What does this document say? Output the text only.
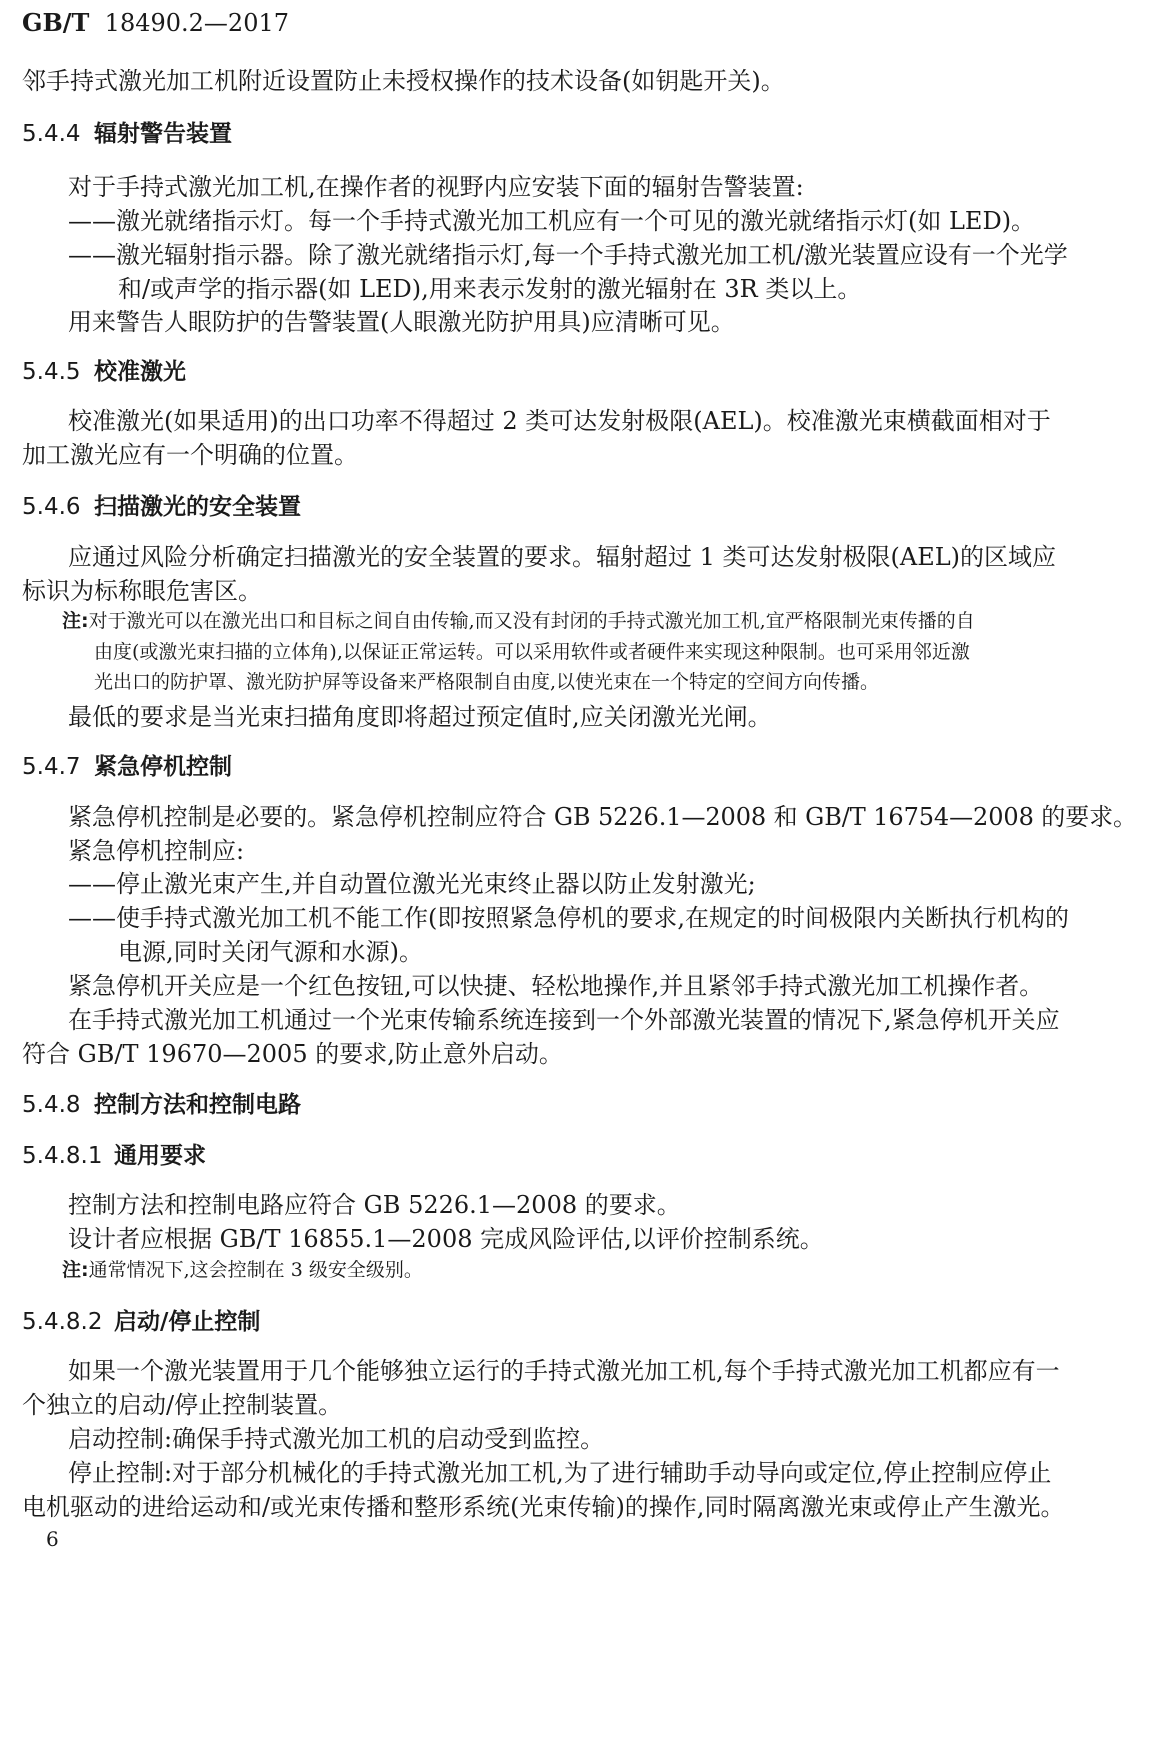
GB/T 18490.2—2017
邻手持式激光加工机附近设置防止未授权操作的技术设备(如钥匙开关)。
5.4.4 辐射警告装置
对于手持式激光加工机,在操作者的视野内应安装下面的辐射告警装置:
——激光就绪指示灯。每一个手持式激光加工机应有一个可见的激光就绪指示灯(如 LED)。
——激光辐射指示器。除了激光就绪指示灯,每一个手持式激光加工机/激光装置应设有一个光学
和/或声学的指示器(如 LED),用来表示发射的激光辐射在 3R 类以上。
用来警告人眼防护的告警装置(人眼激光防护用具)应清晰可见。
5.4.5 校准激光
校准激光(如果适用)的出口功率不得超过 2 类可达发射极限(AEL)。校准激光束横截面相对于
加工激光应有一个明确的位置。
5.4.6 扫描激光的安全装置
应通过风险分析确定扫描激光的安全装置的要求。辐射超过 1 类可达发射极限(AEL)的区域应
标识为标称眼危害区。
注:对于激光可以在激光出口和目标之间自由传输,而又没有封闭的手持式激光加工机,宜严格限制光束传播的自
由度(或激光束扫描的立体角),以保证正常运转。可以采用软件或者硬件来实现这种限制。也可采用邻近激
光出口的防护罩、激光防护屏等设备来严格限制自由度,以使光束在一个特定的空间方向传播。
最低的要求是当光束扫描角度即将超过预定值时,应关闭激光光闸。
5.4.7 紧急停机控制
紧急停机控制是必要的。紧急停机控制应符合 GB 5226.1—2008 和 GB/T 16754—2008 的要求。
紧急停机控制应:
——停止激光束产生,并自动置位激光光束终止器以防止发射激光;
——使手持式激光加工机不能工作(即按照紧急停机的要求,在规定的时间极限内关断执行机构的
电源,同时关闭气源和水源)。
紧急停机开关应是一个红色按钮,可以快捷、轻松地操作,并且紧邻手持式激光加工机操作者。
在手持式激光加工机通过一个光束传输系统连接到一个外部激光装置的情况下,紧急停机开关应
符合 GB/T 19670—2005 的要求,防止意外启动。
5.4.8 控制方法和控制电路
5.4.8.1 通用要求
控制方法和控制电路应符合 GB 5226.1—2008 的要求。
设计者应根据 GB/T 16855.1—2008 完成风险评估,以评价控制系统。
注:通常情况下,这会控制在 3 级安全级别。
5.4.8.2 启动/停止控制
如果一个激光装置用于几个能够独立运行的手持式激光加工机,每个手持式激光加工机都应有一
个独立的启动/停止控制装置。
启动控制:确保手持式激光加工机的启动受到监控。
停止控制:对于部分机械化的手持式激光加工机,为了进行辅助手动导向或定位,停止控制应停止
电机驱动的进给运动和/或光束传播和整形系统(光束传输)的操作,同时隔离激光束或停止产生激光。
6
